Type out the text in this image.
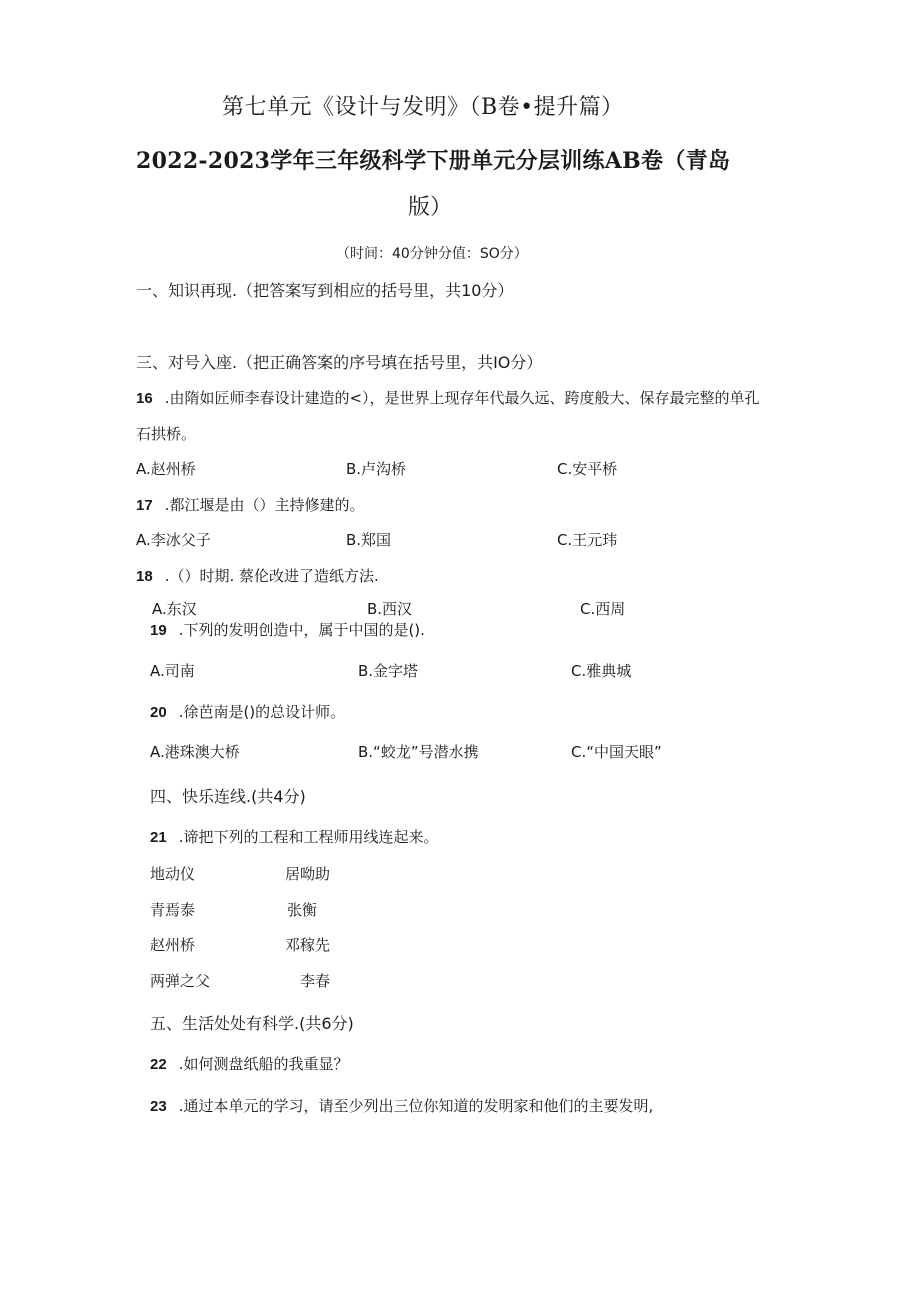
第七单元《设计与发明》（B卷•提升篇）
2022-2023学年三年级科学下册单元分层训练AB卷（青岛
版）
（时间：40分钟分值：SO分）
一、知识再现.（把答案写到相应的括号里，共10分）
三、对号入座.（把正确答案的序号填在括号里，共IO分）
16 .由隋如匠师李春设计建造的<），是世界上现存年代最久远、跨度般大、保存最完整的单孔
石拱桥。
A.赵州桥	B.卢沟桥	C.安平桥
17 .都江堰是由（）主持修建的。
A.李冰父子	B.郑国	C.王元玮
18 .（）时期. 蔡伦改进了造纸方法.
A.东汉	B.西汉	C.西周
19 .下列的发明创造中，属于中国的是().
A.司南	B.金字塔	C.雅典城
20 .徐芭南是()的总设计师。
A.港珠澳大桥	B.“蛟龙”号潜水携	C.“中国天眼”
四、快乐连线.(共4分)
21 .谛把下列的工程和工程师用线连起来。
地动仪	居呦助
青焉泰	张衡
赵州桥	邓稼先
两弹之父	李春
五、生活处处有科学.(共6分)
22 .如何测盘纸船的我重显？
23 .通过本单元的学习，请至少列出三位你知道的发明家和他们的主要发明,
